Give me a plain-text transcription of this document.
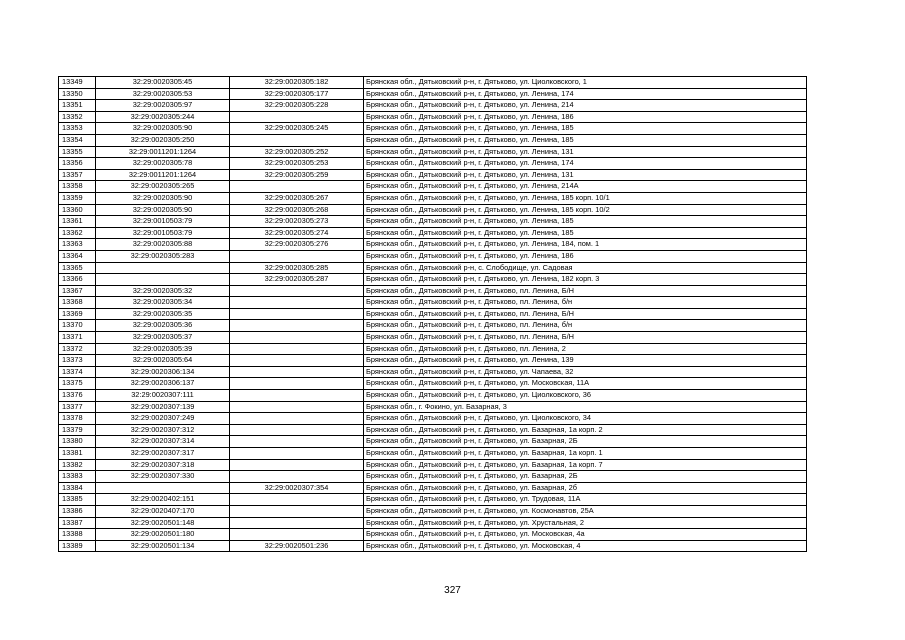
13349	32:29:0020305:45	32:29:0020305:182	Брянская обл., Дятьковский р-н, г. Дятьково, ул. Циолковского, 1
13350	32:29:0020305:53	32:29:0020305:177	Брянская обл., Дятьковский р-н, г. Дятьково, ул. Ленина, 174
13351	32:29:0020305:97	32:29:0020305:228	Брянская обл., Дятьковский р-н, г. Дятьково, ул. Ленина, 214
13352	32:29:0020305:244		Брянская обл., Дятьковский р-н, г. Дятьково, ул. Ленина, 186
13353	32:29:0020305:90	32:29:0020305:245	Брянская обл., Дятьковский р-н, г. Дятьково, ул. Ленина, 185
13354	32:29:0020305:250		Брянская обл., Дятьковский р-н, г. Дятьково, ул. Ленина, 185
13355	32:29:0011201:1264	32:29:0020305:252	Брянская обл., Дятьковский р-н, г. Дятьково, ул. Ленина, 131
13356	32:29:0020305:78	32:29:0020305:253	Брянская обл., Дятьковский р-н, г. Дятьково, ул. Ленина, 174
13357	32:29:0011201:1264	32:29:0020305:259	Брянская обл., Дятьковский р-н, г. Дятьково, ул. Ленина, 131
13358	32:29:0020305:265		Брянская обл., Дятьковский р-н, г. Дятьково, ул. Ленина, 214А
13359	32:29:0020305:90	32:29:0020305:267	Брянская обл., Дятьковский р-н, г. Дятьково, ул. Ленина, 185 корп. 10/1
13360	32:29:0020305:90	32:29:0020305:268	Брянская обл., Дятьковский р-н, г. Дятьково, ул. Ленина, 185 корп. 10/2
13361	32:29:0010503:79	32:29:0020305:273	Брянская обл., Дятьковский р-н, г. Дятьково, ул. Ленина, 185
13362	32:29:0010503:79	32:29:0020305:274	Брянская обл., Дятьковский р-н, г. Дятьково, ул. Ленина, 185
13363	32:29:0020305:88	32:29:0020305:276	Брянская обл., Дятьковский р-н, г. Дятьково, ул. Ленина, 184, пом. 1
13364	32:29:0020305:283		Брянская обл., Дятьковский р-н, г. Дятьково, ул. Ленина, 186
13365		32:29:0020305:285	Брянская обл., Дятьковский р-н, с. Слободище, ул. Садовая
13366		32:29:0020305:287	Брянская обл., Дятьковский р-н, г. Дятьково, ул. Ленина, 182 корп. 3
13367	32:29:0020305:32		Брянская обл., Дятьковский р-н, г. Дятьково, пл. Ленина, Б/Н
13368	32:29:0020305:34		Брянская обл., Дятьковский р-н, г. Дятьково, пл. Ленина, б/н
13369	32:29:0020305:35		Брянская обл., Дятьковский р-н, г. Дятьково, пл. Ленина, Б/Н
13370	32:29:0020305:36		Брянская обл., Дятьковский р-н, г. Дятьково, пл. Ленина, б/н
13371	32:29:0020305:37		Брянская обл., Дятьковский р-н, г. Дятьково, пл. Ленина, Б/Н
13372	32:29:0020305:39		Брянская обл., Дятьковский р-н, г. Дятьково, пл. Ленина, 2
13373	32:29:0020305:64		Брянская обл., Дятьковский р-н, г. Дятьково, ул. Ленина, 139
13374	32:29:0020306:134		Брянская обл., Дятьковский р-н, г. Дятьково, ул. Чапаева, 32
13375	32:29:0020306:137		Брянская обл., Дятьковский р-н, г. Дятьково, ул. Московская, 11А
13376	32:29:0020307:111		Брянская обл., Дятьковский р-н, г. Дятьково, ул. Циолковского, 36
13377	32:29:0020307:139		Брянская обл., г. Фокино, ул. Базарная, 3
13378	32:29:0020307:249		Брянская обл., Дятьковский р-н, г. Дятьково, ул. Циолковского, 34
13379	32:29:0020307:312		Брянская обл., Дятьковский р-н, г. Дятьково, ул. Базарная, 1а корп. 2
13380	32:29:0020307:314		Брянская обл., Дятьковский р-н, г. Дятьково, ул. Базарная, 2Б
13381	32:29:0020307:317		Брянская обл., Дятьковский р-н, г. Дятьково, ул. Базарная, 1а корп. 1
13382	32:29:0020307:318		Брянская обл., Дятьковский р-н, г. Дятьково, ул. Базарная, 1а корп. 7
13383	32:29:0020307:330		Брянская обл., Дятьковский р-н, г. Дятьково, ул. Базарная, 2Б
13384		32:29:0020307:354	Брянская обл., Дятьковский р-н, г. Дятьково, ул. Базарная, 2б
13385	32:29:0020402:151		Брянская обл., Дятьковский р-н, г. Дятьково, ул. Трудовая, 11А
13386	32:29:0020407:170		Брянская обл., Дятьковский р-н, г. Дятьково, ул. Космонавтов, 25А
13387	32:29:0020501:148		Брянская обл., Дятьковский р-н, г. Дятьково, ул. Хрустальная, 2
13388	32:29:0020501:180		Брянская обл., Дятьковский р-н, г. Дятьково, ул. Московская, 4а
13389	32:29:0020501:134	32:29:0020501:236	Брянская обл., Дятьковский р-н, г. Дятьково, ул. Московская, 4
327
